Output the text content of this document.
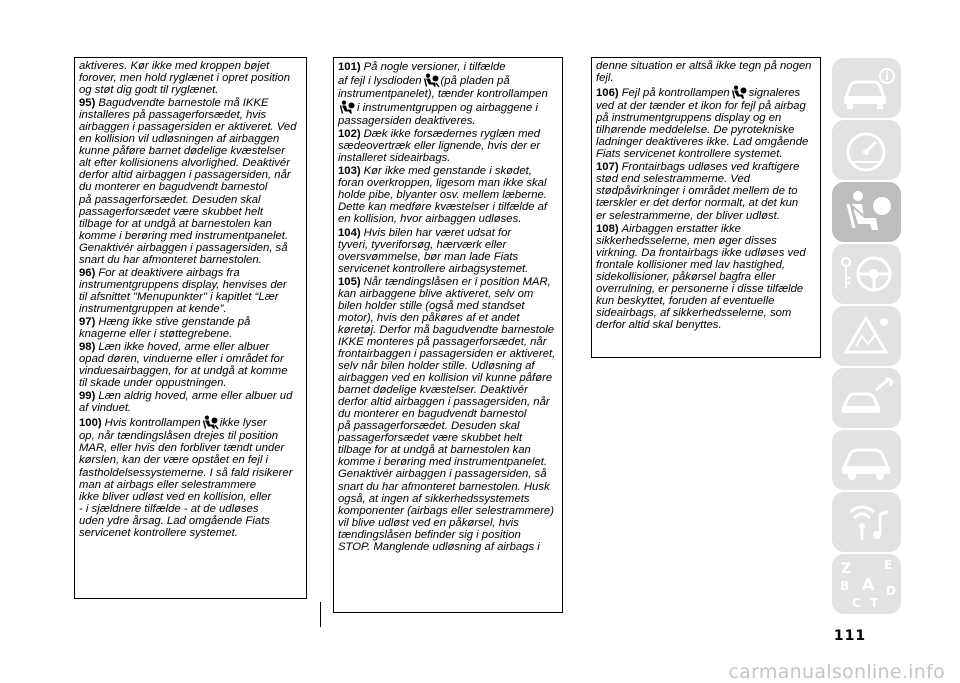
aktiveres. Kør ikke med kroppen bøjet

forover, men hold ryglænet i opret position

og støt dig godt til ryglænet.

95) Bagudvendte barnestole må IKKE

installeres på passagerforsædet, hvis

airbaggen i passagersiden er aktiveret. Ved

en kollision vil udløsningen af airbaggen

kunne påføre barnet dødelige kvæstelser

alt efter kollisionens alvorlighed. Deaktivér

derfor altid airbaggen i passagersiden, når

du monterer en bagudvendt barnestol

på passagerforsædet. Desuden skal

passagerforsædet være skubbet helt

tilbage for at undgå at barnestolen kan

komme i berøring med instrumentpanelet.

Genaktivér airbaggen i passagersiden, så

snart du har afmonteret barnestolen.

96) For at deaktivere airbags fra

instrumentgruppens display, henvises der

til afsnittet "Menupunkter" i kapitlet “Lær

instrumentgruppen at kende”.

97) Hæng ikke stive genstande på

knagerne eller i støttegrebene.

98) Læn ikke hoved, arme eller albuer

opad døren, vinduerne eller i området for

vinduesairbaggen, for at undgå at komme

til skade under oppustningen.

99) Læn aldrig hoved, arme eller albuer ud

af vinduet.

100) Hvis kontrollampen ikke lyser

op, når tændingslåsen drejes til position

MAR, eller hvis den forbliver tændt under

kørslen, kan der være opstået en fejl i

fastholdelsessystemerne. I så fald risikerer

man at airbags eller selestrammere

ikke bliver udløst ved en kollision, eller

- i sjældnere tilfælde - at de udløses

uden ydre årsag. Lad omgående Fiats

servicenet kontrollere systemet.

101) På nogle versioner, i tilfælde

af fejl i lysdioden (på pladen på

instrumentpanelet), tænder kontrollampen

i instrumentgruppen og airbaggene i

passagersiden deaktiveres.

102) Dæk ikke forsædernes ryglæn med

sædeovertræk eller lignende, hvis der er

installeret sideairbags.

103) Kør ikke med genstande i skødet,

foran overkroppen, ligesom man ikke skal

holde pibe, blyanter osv. mellem læberne.

Dette kan medføre kvæstelser i tilfælde af

en kollision, hvor airbaggen udløses.

104) Hvis bilen har været udsat for

tyveri, tyveriforsøg, hærværk eller

oversvømmelse, bør man lade Fiats

servicenet kontrollere airbagsystemet.

105) Når tændingslåsen er i position MAR,

kan airbaggene blive aktiveret, selv om

bilen holder stille (også med standset

motor), hvis den påkøres af et andet

køretøj. Derfor må bagudvendte barnestole

IKKE monteres på passagerforsædet, når

frontairbaggen i passagersiden er aktiveret,

selv når bilen holder stille. Udløsning af

airbaggen ved en kollision vil kunne påføre

barnet dødelige kvæstelser. Deaktivér

derfor altid airbaggen i passagersiden, når

du monterer en bagudvendt barnestol

på passagerforsædet. Desuden skal

passagerforsædet være skubbet helt

tilbage for at undgå at barnestolen kan

komme i berøring med instrumentpanelet.

Genaktivér airbaggen i passagersiden, så

snart du har afmonteret barnestolen. Husk

også, at ingen af sikkerhedssystemets

komponenter (airbags eller selestrammere)

vil blive udløst ved en påkørsel, hvis

tændingslåsen befinder sig i position

STOP. Manglende udløsning af airbags i

denne situation er altså ikke tegn på nogen

fejl.

106) Fejl på kontrollampen signaleres

ved at der tænder et ikon for fejl på airbag

på instrumentgruppens display og en

tilhørende meddelelse. De pyrotekniske

ladninger deaktiveres ikke. Lad omgående

Fiats servicenet kontrollere systemet.

107) Frontairbags udløses ved kraftigere

stød end selestrammerne. Ved

stødpåvirkninger i området mellem de to

tærskler er det derfor normalt, at det kun

er selestrammerne, der bliver udløst.

108) Airbaggen erstatter ikke

sikkerhedsselerne, men øger disses

virkning. Da frontairbags ikke udløses ved

frontale kollisioner med lav hastighed,

sidekollisioner, påkørsel bagfra eller

overrulning, er personerne i disse tilfælde

kun beskyttet, foruden af eventuelle

sideairbags, af sikkerhedsselerne, som

derfor altid skal benyttes.

Z	E
B A
C T
D
111
carmanualsonline.info
